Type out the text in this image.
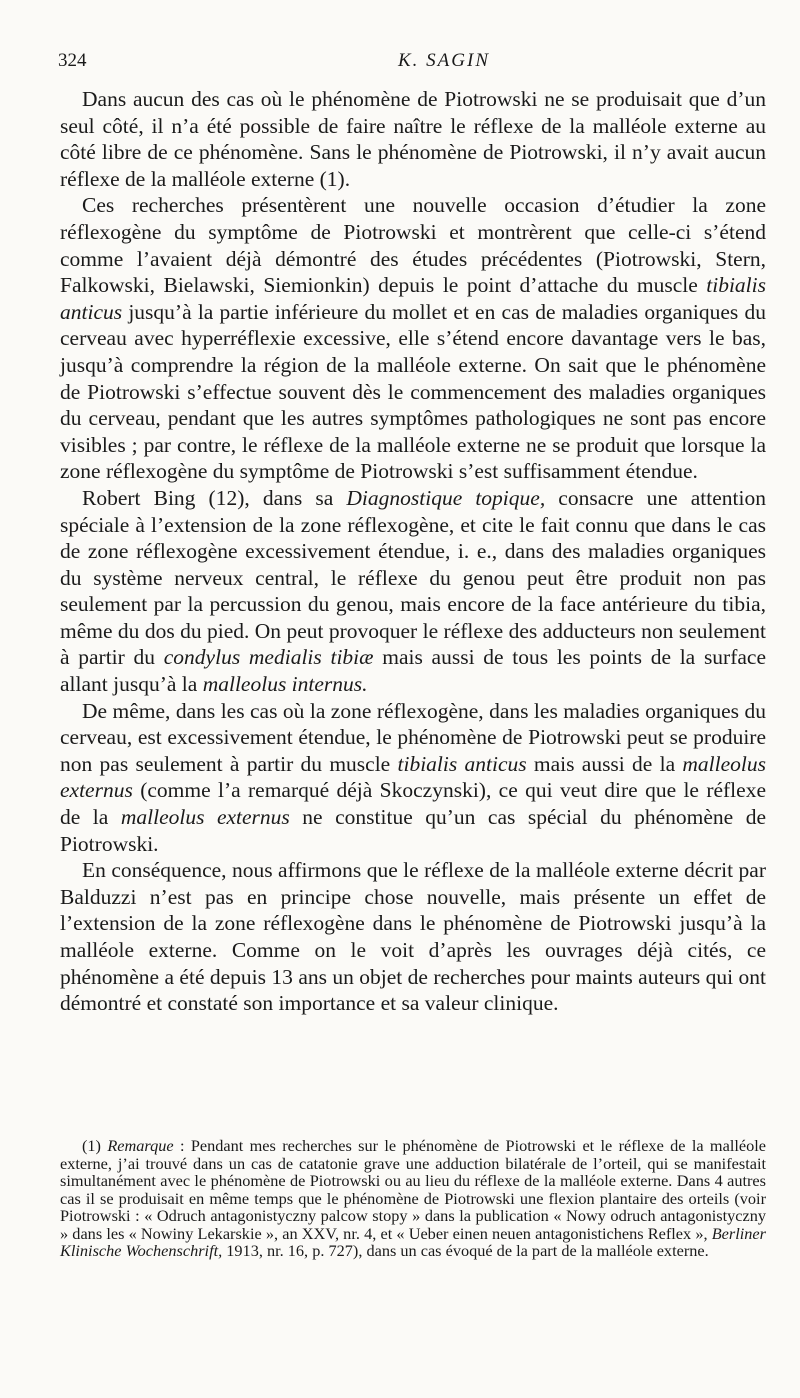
324	K. SAGIN

Dans aucun des cas où le phénomène de Piotrowski ne se produisait que d’un seul côté, il n’a été possible de faire naître le réflexe de la malléole externe au côté libre de ce phénomène. Sans le phénomène de Piotrowski, il n’y avait aucun réflexe de la malléole externe (1).

Ces recherches présentèrent une nouvelle occasion d’étudier la zone réflexogène du symptôme de Piotrowski et montrèrent que celle-ci s’étend comme l’avaient déjà démontré des études précédentes (Piotrowski, Stern, Falkowski, Bielawski, Siemionkin) depuis le point d’attache du muscle tibialis anticus jusqu’à la partie inférieure du mollet et en cas de maladies organiques du cerveau avec hyperréflexie excessive, elle s’étend encore davantage vers le bas, jusqu’à comprendre la région de la malléole externe. On sait que le phénomène de Piotrowski s’effectue souvent dès le commencement des maladies organiques du cerveau, pendant que les autres symptômes pathologiques ne sont pas encore visibles ; par contre, le réflexe de la malléole externe ne se produit que lorsque la zone réflexogène du symptôme de Piotrowski s’est suffisamment étendue.

Robert Bing (12), dans sa Diagnostique topique, consacre une attention spéciale à l’extension de la zone réflexogène, et cite le fait connu que dans le cas de zone réflexogène excessivement étendue, i. e., dans des maladies organiques du système nerveux central, le réflexe du genou peut être produit non pas seulement par la percussion du genou, mais encore de la face antérieure du tibia, même du dos du pied. On peut provoquer le réflexe des adducteurs non seulement à partir du condylus medialis tibiæ mais aussi de tous les points de la surface allant jusqu’à la malleolus internus.

De même, dans les cas où la zone réflexogène, dans les maladies organiques du cerveau, est excessivement étendue, le phénomène de Piotrowski peut se produire non pas seulement à partir du muscle tibialis anticus mais aussi de la malleolus externus (comme l’a remarqué déjà Skoczynski), ce qui veut dire que le réflexe de la malleolus externus ne constitue qu’un cas spécial du phénomène de Piotrowski.

En conséquence, nous affirmons que le réflexe de la malléole externe décrit par Balduzzi n’est pas en principe chose nouvelle, mais présente un effet de l’extension de la zone réflexogène dans le phénomène de Piotrowski jusqu’à la malléole externe. Comme on le voit d’après les ouvrages déjà cités, ce phénomène a été depuis 13 ans un objet de recherches pour maints auteurs qui ont démontré et constaté son importance et sa valeur clinique.

(1) Remarque : Pendant mes recherches sur le phénomène de Piotrowski et le réflexe de la malléole externe, j’ai trouvé dans un cas de catatonie grave une adduction bilatérale de l’orteil, qui se manifestait simultanément avec le phénomène de Piotrowski ou au lieu du réflexe de la malléole externe. Dans 4 autres cas il se produisait en même temps que le phénomène de Piotrowski une flexion plantaire des orteils (voir Piotrowski : « Odruch antagonistyczny palcow stopy » dans la publication « Nowy odruch antagonistyczny » dans les « Nowiny Lekarskie », an XXV, nr. 4, et « Ueber einen neuen antagonistichens Reflex », Berliner Klinische Wochenschrift, 1913, nr. 16, p. 727), dans un cas évoqué de la part de la malléole externe.
